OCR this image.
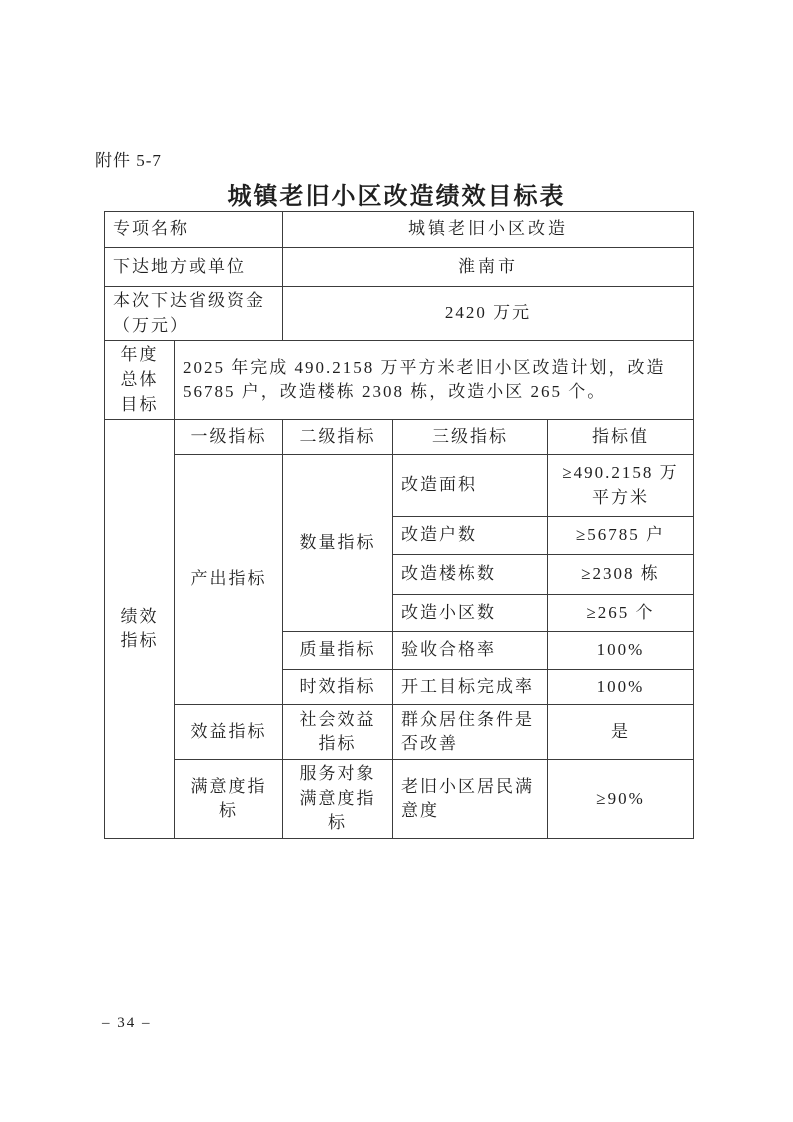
附件 5-7
城镇老旧小区改造绩效目标表
专项名称		城镇老旧小区改造		
下达地方或单位		淮南市		
本次下达省级资金（万元）		2420 万元		
年度总体目标	2025 年完成 490.2158 万平方米老旧小区改造计划，改造 56785 户，改造楼栋 2308 栋，改造小区 265 个。			
绩效指标	一级指标	二级指标	三级指标	指标值
	产出指标	数量指标	改造面积	≥490.2158 万平方米
			改造户数	≥56785 户
			改造楼栋数	≥2308 栋
			改造小区数	≥265 个
		质量指标	验收合格率	100%
		时效指标	开工目标完成率	100%
	效益指标	社会效益指标	群众居住条件是否改善	是
	满意度指标	服务对象满意度指标	老旧小区居民满意度	≥90%
– 34 –
